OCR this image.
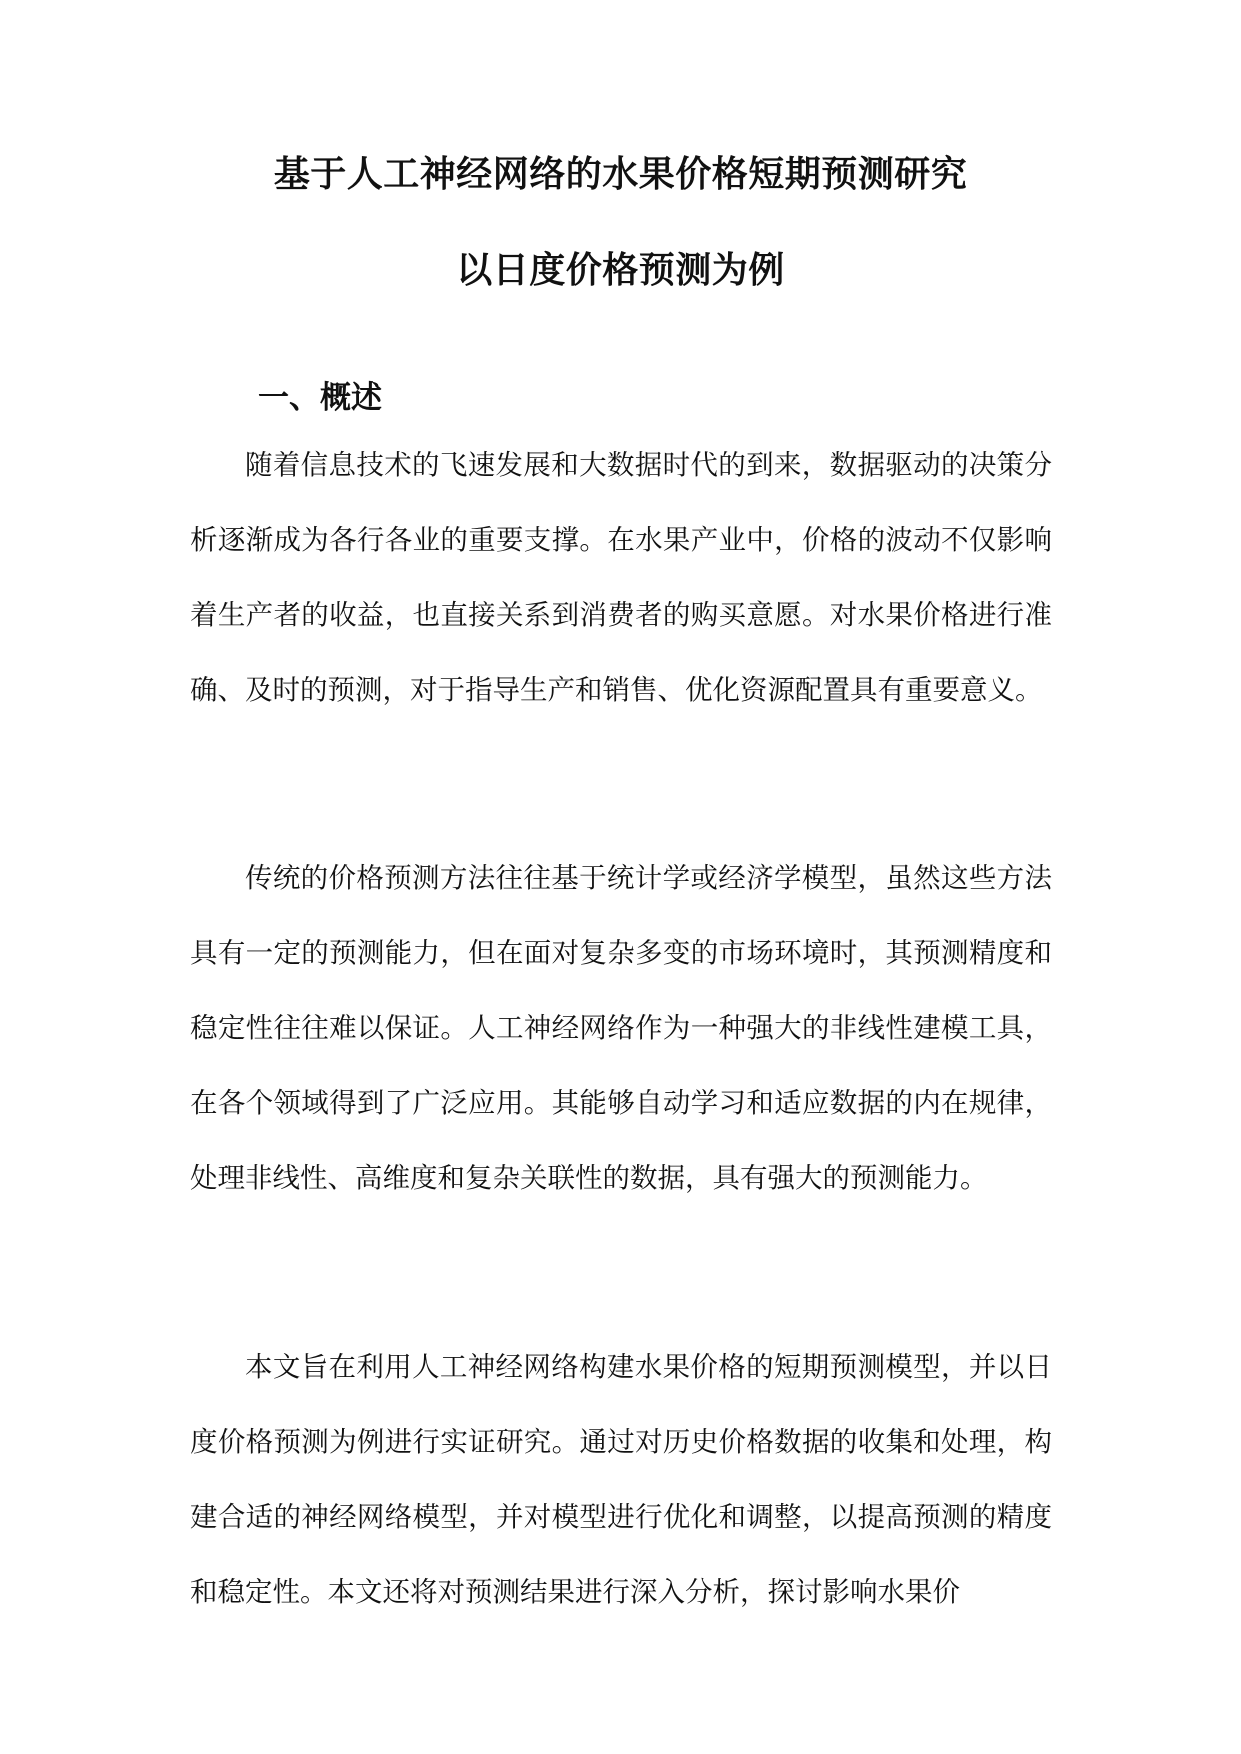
基于人工神经网络的水果价格短期预测研究
以日度价格预测为例
一、概述

随着信息技术的飞速发展和大数据时代的到来，数据驱动的决策分析逐渐成为各行各业的重要支撑。在水果产业中，价格的波动不仅影响着生产者的收益，也直接关系到消费者的购买意愿。对水果价格进行准确、及时的预测，对于指导生产和销售、优化资源配置具有重要意义。

传统的价格预测方法往往基于统计学或经济学模型，虽然这些方法具有一定的预测能力，但在面对复杂多变的市场环境时，其预测精度和稳定性往往难以保证。人工神经网络作为一种强大的非线性建模工具，在各个领域得到了广泛应用。其能够自动学习和适应数据的内在规律，处理非线性、高维度和复杂关联性的数据，具有强大的预测能力。

本文旨在利用人工神经网络构建水果价格的短期预测模型，并以日度价格预测为例进行实证研究。通过对历史价格数据的收集和处理，构建合适的神经网络模型，并对模型进行优化和调整，以提高预测的精度和稳定性。本文还将对预测结果进行深入分析，探讨影响水果价
